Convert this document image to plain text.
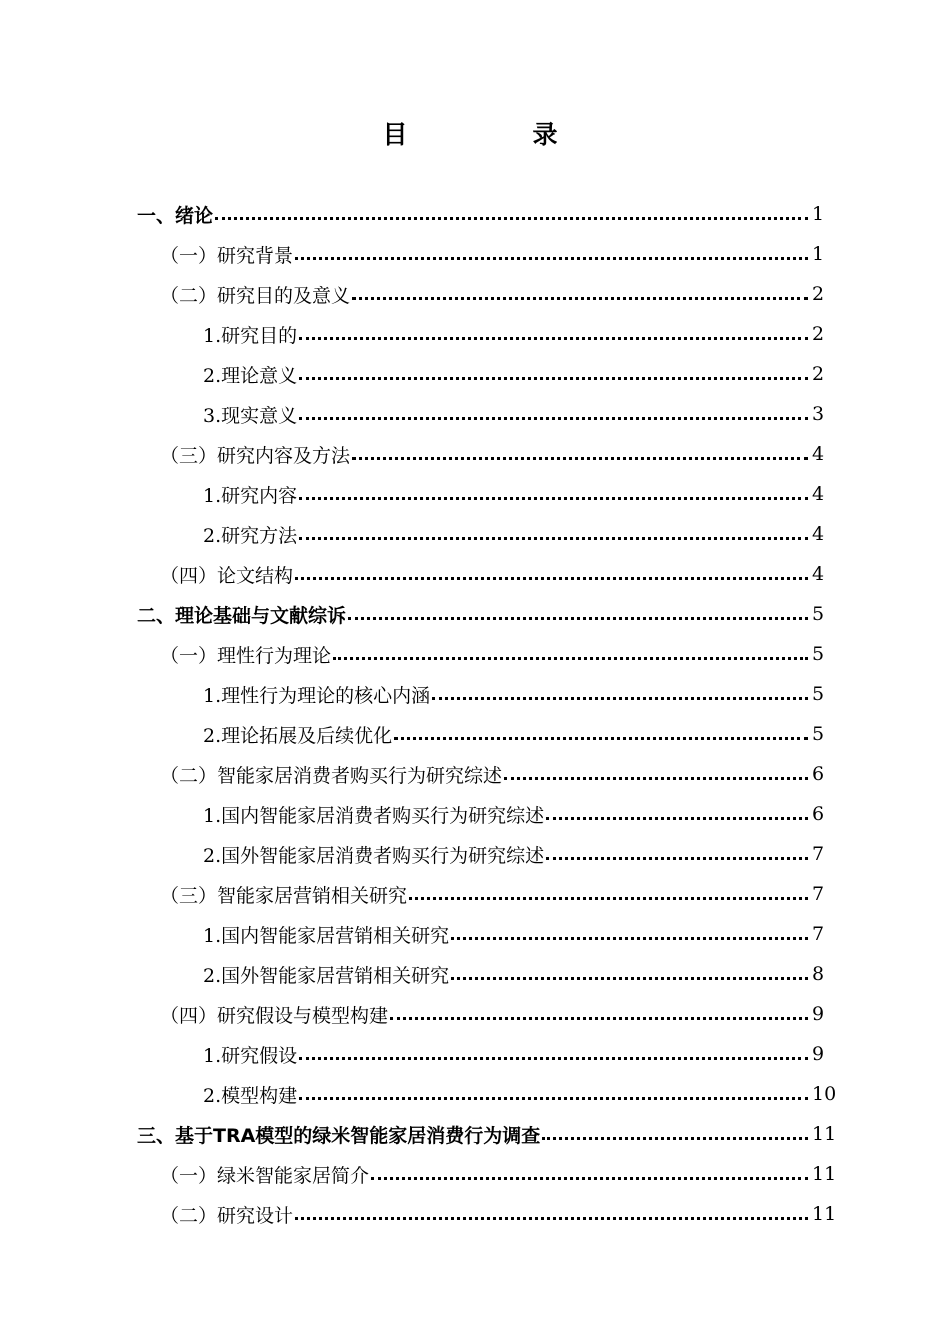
目　录
一、绪论	1
（一）研究背景	1
（二）研究目的及意义	2
1.研究目的	2
2.理论意义	2
3.现实意义	3
（三）研究内容及方法	4
1.研究内容	4
2.研究方法	4
（四）论文结构	4
二、理论基础与文献综诉	5
（一）理性行为理论	5
1.理性行为理论的核心内涵	5
2.理论拓展及后续优化	5
（二）智能家居消费者购买行为研究综述	6
1.国内智能家居消费者购买行为研究综述	6
2.国外智能家居消费者购买行为研究综述	7
（三）智能家居营销相关研究	7
1.国内智能家居营销相关研究	7
2.国外智能家居营销相关研究	8
（四）研究假设与模型构建	9
1.研究假设	9
2.模型构建	10
三、基于TRA模型的绿米智能家居消费行为调查	11
（一）绿米智能家居简介	11
（二）研究设计	11
